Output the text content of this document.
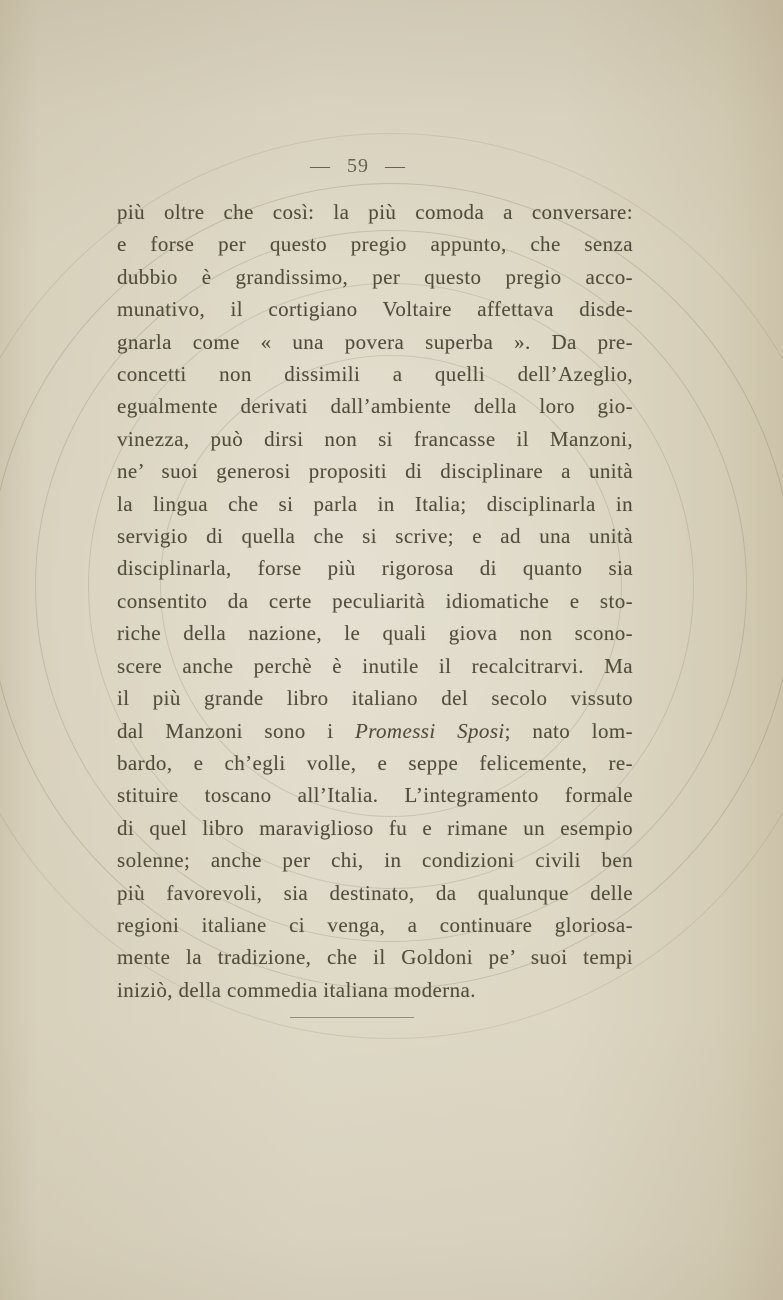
— 59 —
più oltre che così: la più comoda a conversare:
e forse per questo pregio appunto, che senza
dubbio è grandissimo, per questo pregio acco-
munativo, il cortigiano Voltaire affettava disde-
gnarla come « una povera superba ». Da pre-
concetti non dissimili a quelli dell’Azeglio,
egualmente derivati dall’ambiente della loro gio-
vinezza, può dirsi non si francasse il Manzoni,
ne’ suoi generosi propositi di disciplinare a unità
la lingua che si parla in Italia; disciplinarla in
servigio di quella che si scrive; e ad una unità
disciplinarla, forse più rigorosa di quanto sia
consentito da certe peculiarità idiomatiche e sto-
riche della nazione, le quali giova non scono-
scere anche perchè è inutile il recalcitrarvi. Ma
il più grande libro italiano del secolo vissuto
dal Manzoni sono i Promessi Sposi; nato lom-
bardo, e ch’egli volle, e seppe felicemente, re-
stituire toscano all’Italia. L’integramento formale
di quel libro maraviglioso fu e rimane un esempio
solenne; anche per chi, in condizioni civili ben
più favorevoli, sia destinato, da qualunque delle
regioni italiane ci venga, a continuare gloriosa-
mente la tradizione, che il Goldoni pe’ suoi tempi
iniziò, della commedia italiana moderna.
